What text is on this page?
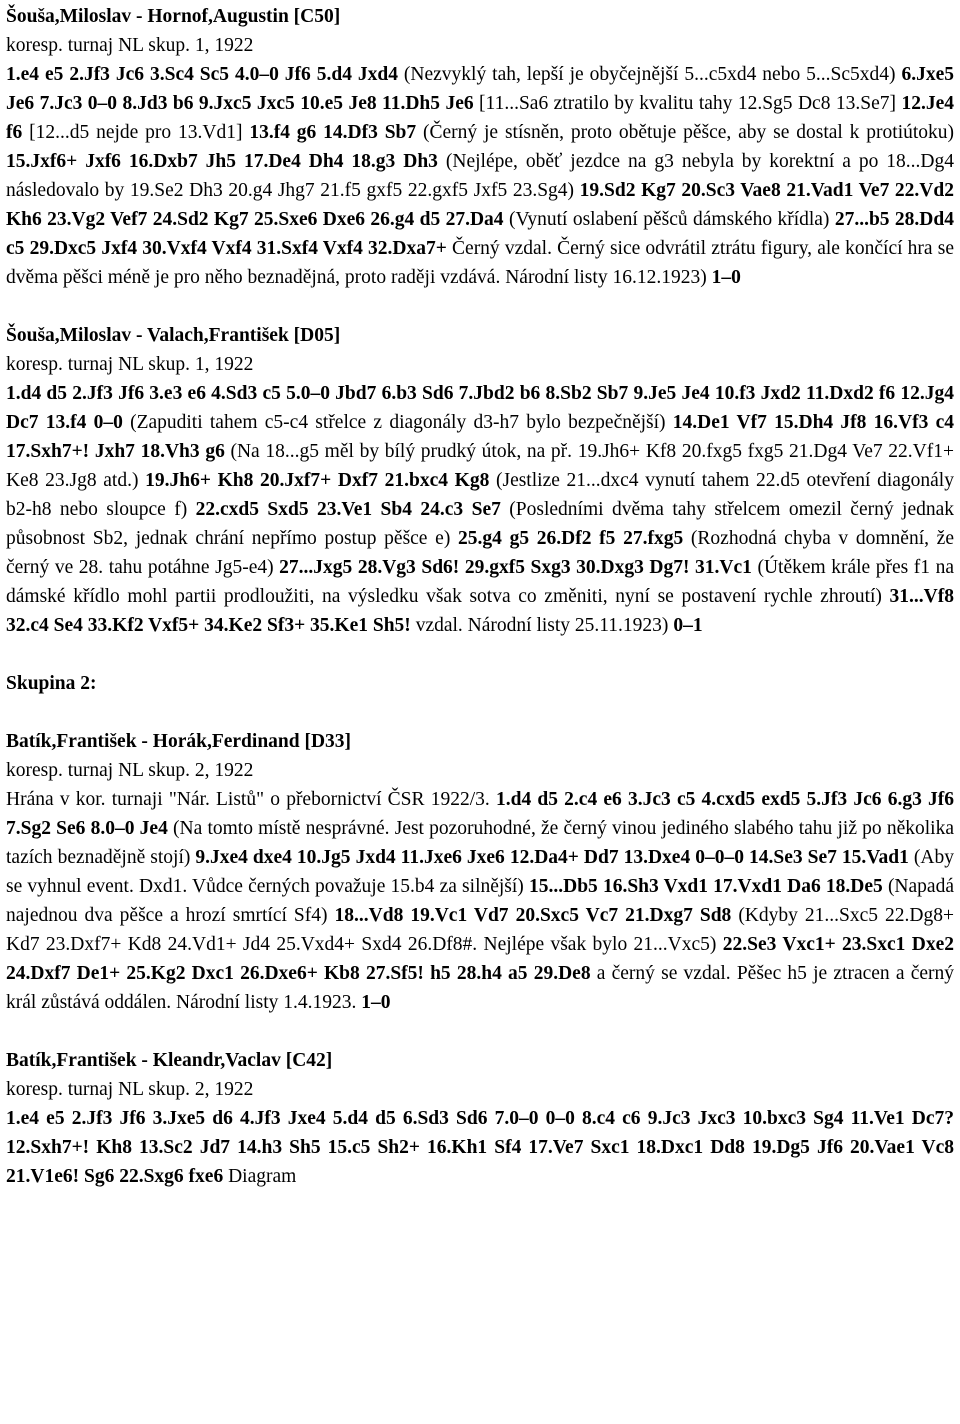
Šouša,Miloslav - Hornof,Augustin [C50]

koresp. turnaj NL skup. 1, 1922

1.e4 e5 2.Jf3 Jc6 3.Sc4 Sc5 4.0–0 Jf6 5.d4 Jxd4 (Nezvyklý tah, lepší je obyčejnější 5...c5xd4 nebo 5...Sc5xd4) 6.Jxe5 Je6 7.Jc3 0–0 8.Jd3 b6 9.Jxc5 Jxc5 10.e5 Je8 11.Dh5 Je6 [11...Sa6 ztratilo by kvalitu tahy 12.Sg5 Dc8 13.Se7] 12.Je4 f6 [12...d5 nejde pro 13.Vd1] 13.f4 g6 14.Df3 Sb7 (Černý je stísněn, proto obětuje pěšce, aby se dostal k protiútoku) 15.Jxf6+ Jxf6 16.Dxb7 Jh5 17.De4 Dh4 18.g3 Dh3 (Nejlépe, oběť jezdce na g3 nebyla by korektní a po 18...Dg4 následovalo by 19.Se2 Dh3 20.g4 Jhg7 21.f5 gxf5 22.gxf5 Jxf5 23.Sg4) 19.Sd2 Kg7 20.Sc3 Vae8 21.Vad1 Ve7 22.Vd2 Kh6 23.Vg2 Vef7 24.Sd2 Kg7 25.Sxe6 Dxe6 26.g4 d5 27.Da4 (Vynutí oslabení pěšců dámského křídla) 27...b5 28.Dd4 c5 29.Dxc5 Jxf4 30.Vxf4 Vxf4 31.Sxf4 Vxf4 32.Dxa7+ Černý vzdal. Černý sice odvrátil ztrátu figury, ale končící hra se dvěma pěšci méně je pro něho beznadějná, proto raději vzdává. Národní listy 16.12.1923) 1–0

Šouša,Miloslav - Valach,František [D05]

koresp. turnaj NL skup. 1, 1922

1.d4 d5 2.Jf3 Jf6 3.e3 e6 4.Sd3 c5 5.0–0 Jbd7 6.b3 Sd6 7.Jbd2 b6 8.Sb2 Sb7 9.Je5 Je4 10.f3 Jxd2 11.Dxd2 f6 12.Jg4 Dc7 13.f4 0–0 (Zapuditi tahem c5-c4 střelce z diagonály d3-h7 bylo bezpečnější) 14.De1 Vf7 15.Dh4 Jf8 16.Vf3 c4 17.Sxh7+! Jxh7 18.Vh3 g6 (Na 18...g5 měl by bílý prudký útok, na př. 19.Jh6+ Kf8 20.fxg5 fxg5 21.Dg4 Ve7 22.Vf1+ Ke8 23.Jg8 atd.) 19.Jh6+ Kh8 20.Jxf7+ Dxf7 21.bxc4 Kg8 (Jestlize 21...dxc4 vynutí tahem 22.d5 otevření diagonály b2-h8 nebo sloupce f) 22.cxd5 Sxd5 23.Ve1 Sb4 24.c3 Se7 (Posledními dvěma tahy střelcem omezil černý jednak působnost Sb2, jednak chrání nepřímo postup pěšce e) 25.g4 g5 26.Df2 f5 27.fxg5 (Rozhodná chyba v domnění, že černý ve 28. tahu potáhne Jg5-e4) 27...Jxg5 28.Vg3 Sd6! 29.gxf5 Sxg3 30.Dxg3 Dg7! 31.Vc1 (Útěkem krále přes f1 na dámské křídlo mohl partii prodloužiti, na výsledku však sotva co změniti, nyní se postavení rychle zhroutí) 31...Vf8 32.c4 Se4 33.Kf2 Vxf5+ 34.Ke2 Sf3+ 35.Ke1 Sh5! vzdal. Národní listy 25.11.1923) 0–1

Skupina 2:

Batík,František - Horák,Ferdinand [D33]

koresp. turnaj NL skup. 2, 1922

Hrána v kor. turnaji "Nár. Listů" o přebornictví ČSR 1922/3. 1.d4 d5 2.c4 e6 3.Jc3 c5 4.cxd5 exd5 5.Jf3 Jc6 6.g3 Jf6 7.Sg2 Se6 8.0–0 Je4 (Na tomto místě nesprávné. Jest pozoruhodné, že černý vinou jediného slabého tahu již po několika tazích beznadějně stojí) 9.Jxe4 dxe4 10.Jg5 Jxd4 11.Jxe6 Jxe6 12.Da4+ Dd7 13.Dxe4 0–0–0 14.Se3 Se7 15.Vad1 (Aby se vyhnul event. Dxd1. Vůdce černých považuje 15.b4 za silnější) 15...Db5 16.Sh3 Vxd1 17.Vxd1 Da6 18.De5 (Napadá najednou dva pěšce a hrozí smrtící Sf4) 18...Vd8 19.Vc1 Vd7 20.Sxc5 Vc7 21.Dxg7 Sd8 (Kdyby 21...Sxc5 22.Dg8+ Kd7 23.Dxf7+ Kd8 24.Vd1+ Jd4 25.Vxd4+ Sxd4 26.Df8#. Nejlépe však bylo 21...Vxc5) 22.Se3 Vxc1+ 23.Sxc1 Dxe2 24.Dxf7 De1+ 25.Kg2 Dxc1 26.Dxe6+ Kb8 27.Sf5! h5 28.h4 a5 29.De8 a černý se vzdal. Pěšec h5 je ztracen a černý král zůstává oddálen. Národní listy 1.4.1923. 1–0

Batík,František - Kleandr,Vaclav [C42]

koresp. turnaj NL skup. 2, 1922

1.e4 e5 2.Jf3 Jf6 3.Jxe5 d6 4.Jf3 Jxe4 5.d4 d5 6.Sd3 Sd6 7.0–0 0–0 8.c4 c6 9.Jc3 Jxc3 10.bxc3 Sg4 11.Ve1 Dc7? 12.Sxh7+! Kh8 13.Sc2 Jd7 14.h3 Sh5 15.c5 Sh2+ 16.Kh1 Sf4 17.Ve7 Sxc1 18.Dxc1 Dd8 19.Dg5 Jf6 20.Vae1 Vc8 21.V1e6! Sg6 22.Sxg6 fxe6 Diagram
